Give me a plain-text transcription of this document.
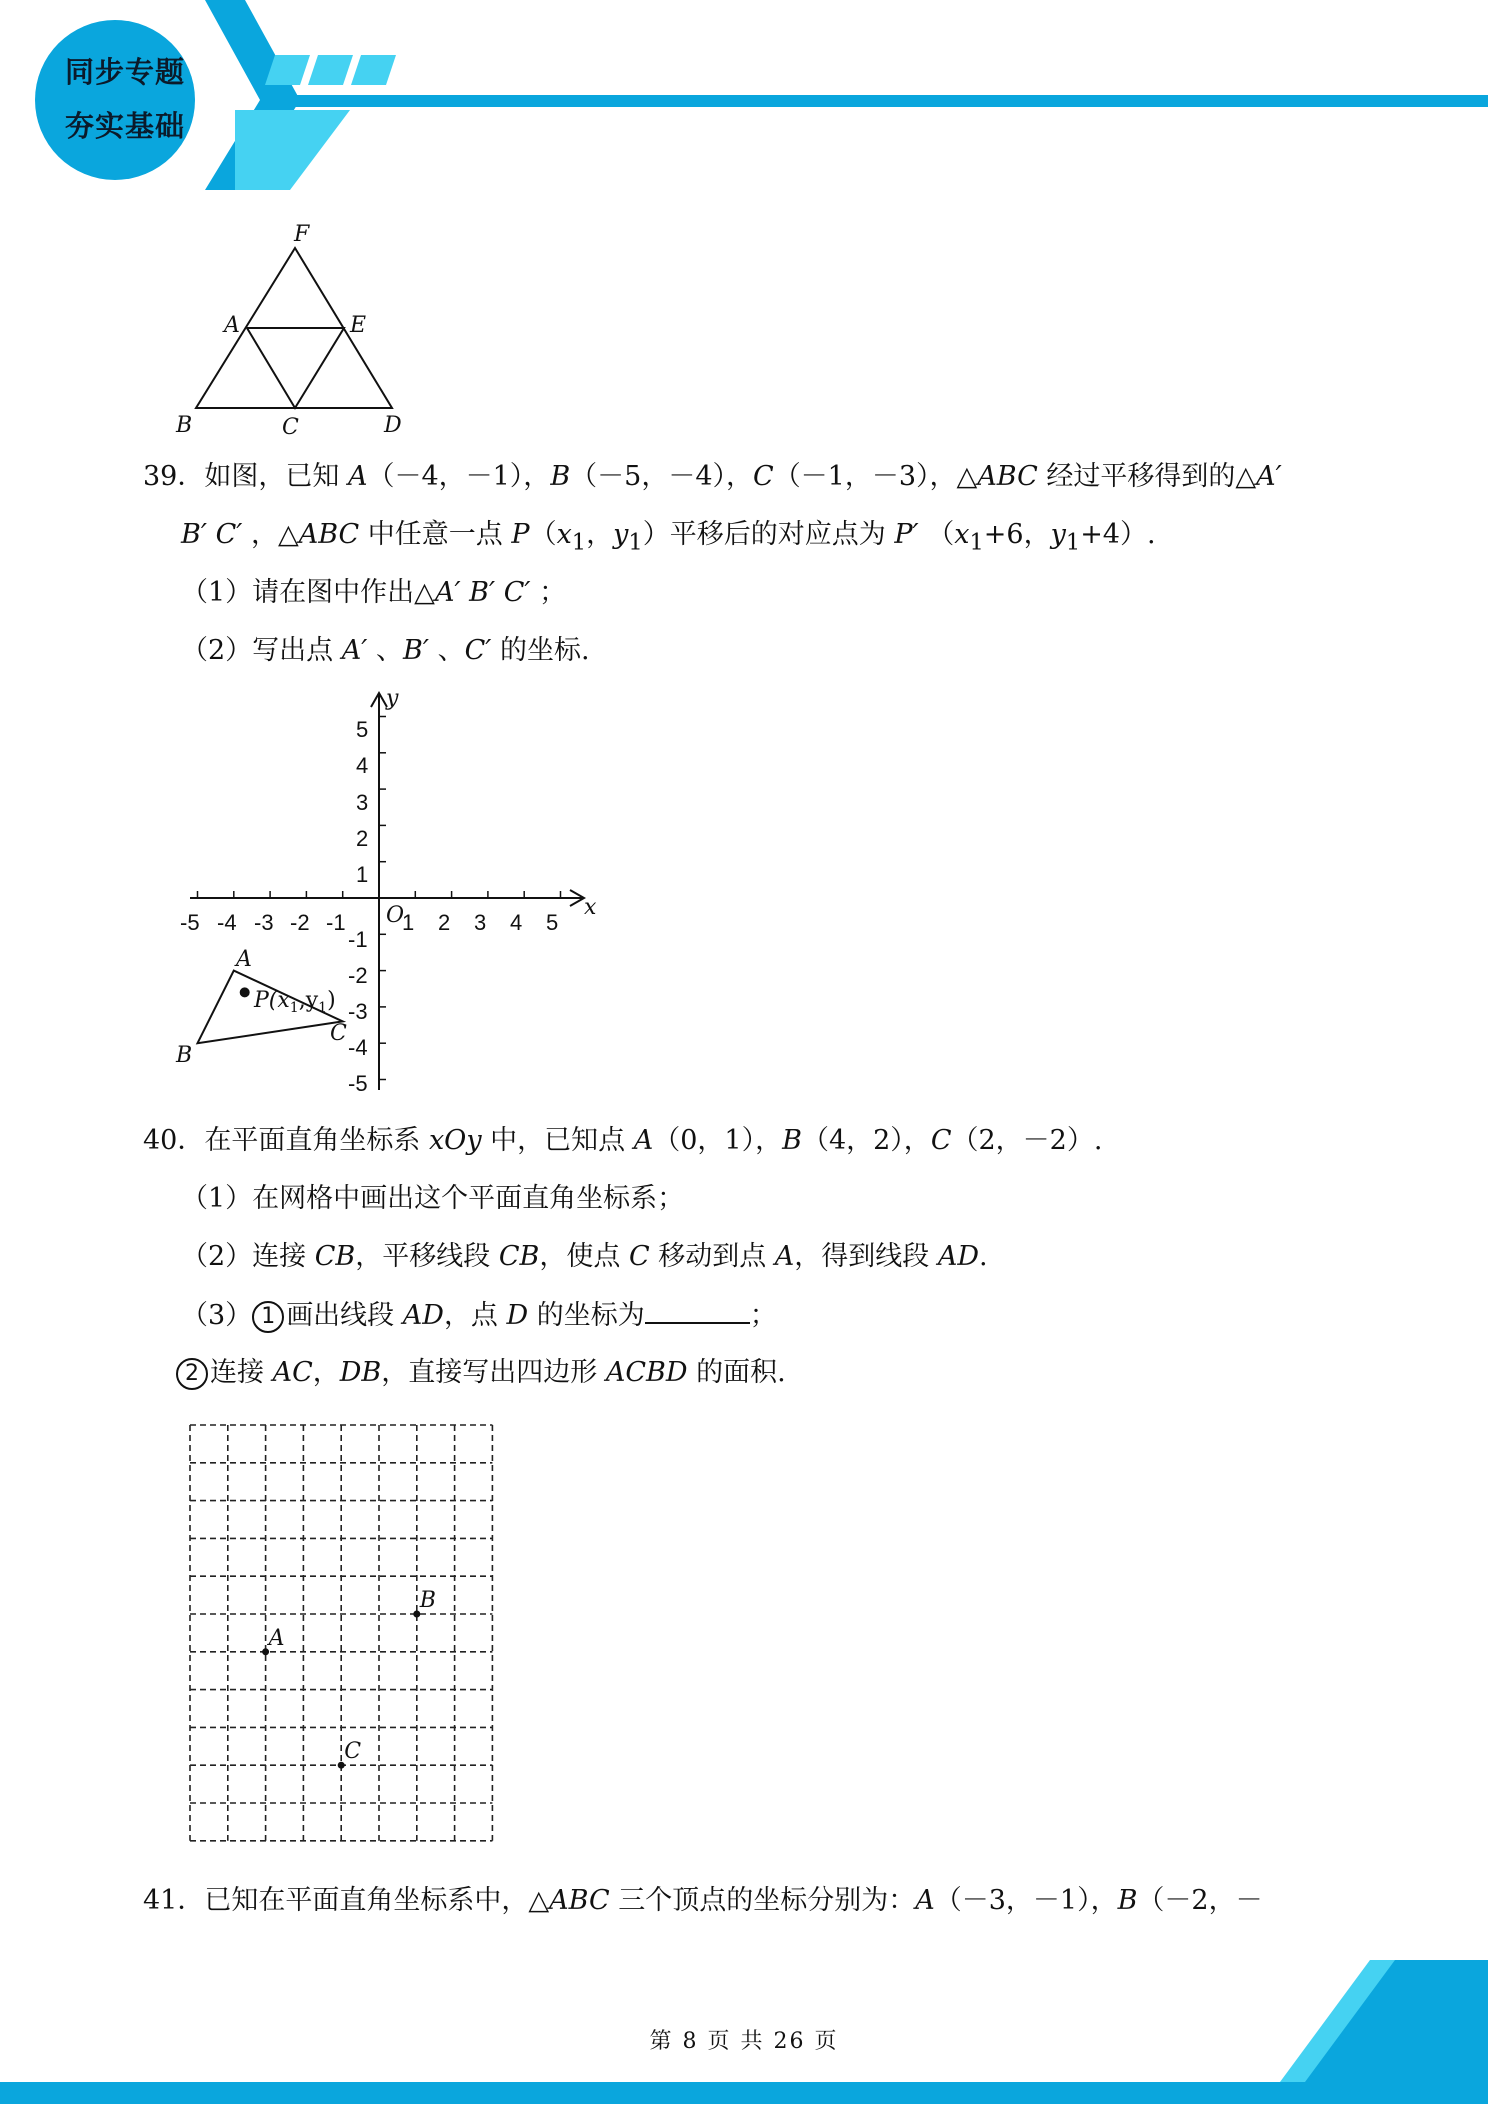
同步专题
夯实基础
F
A	E
B	C	D
39．如图，已知 A（－4，－1），B（－5，－4），C（－1，－3），△ABC 经过平移得到的△A′
B′ C′ ，△ABC 中任意一点 $P(x_1$，$y_1$）平移后的对应点为 P′ （$x_1+6$，$y_1+4$）.
（1）请在图中作出△A′ B′ C′ ；
（2）写出点 A′ 、B′ 、C′ 的坐标.
-5 -4 -3 -2 -1	1 2 3 4 5
5
4
3
2
1
-1
-2
-3
-4
-5
O	x
y
A
B
C
$P(x_1,y_1)$
40．在平面直角坐标系 xOy 中，已知点 A（0，1），B（4，2），C（2，－2）.
（1）在网格中画出这个平面直角坐标系；
（2）连接 CB，平移线段 CB，使点 C 移动到点 A，得到线段 AD.
（3） 1 画出线段 AD，点 D 的坐标为	；
2 连接 AC，DB，直接写出四边形 ACBD 的面积.
A
B
C
41．已知在平面直角坐标系中，△ABC 三个顶点的坐标分别为：A（－3，－1），B（－2，－
第 8 页 共 26 页
